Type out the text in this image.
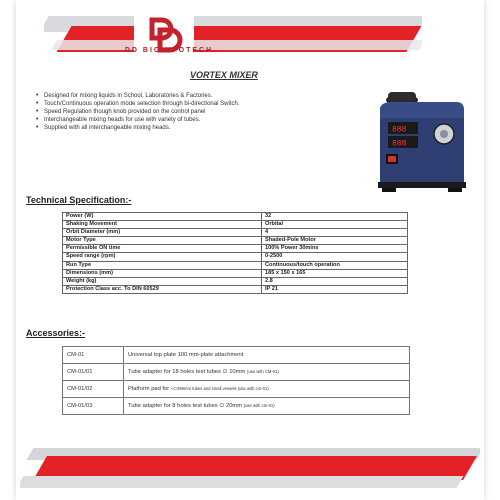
DD BIOINFOTECH
VORTEX MIXER
• Designed for mixing liquids in School, Laboratories & Factories.
• Touch/Continuous operation mode selection through bi-directional Switch.
• Speed Regulation though knob provided on the control panel
• Interchangeable mixing heads for use with variety of tubes.
• Supplied with all interchangeable mixing heads.	888
888
Technical Specification:-
Power (W)	32
Shaking Movement	Orbital
Orbit Diameter (mm)	4
Motor Type	Shaded-Pole Motor
Permissible ON time	100% Power 30mins
Speed range (rpm)	0-2500
Run Type	Continuous/touch operation
Dimensions (mm)	185 x 150 x 165
Weight (kg)	2.8
Protection Class acc. To DIN 60529	IP 21
Accessories:-
CM-01	Universal top plate 100 mm-plate attachment
CM-01/01	Tube adapter for 18 holes test tubes ∅ 10mm (use with CM-01)
CM-01/02	Platform pad for <∅299mm tubes and small vessels (use with cm-01)
CM-01/03	Tube adapter for 8 holes test tubes ∅ 20mm (use with cm-01)
